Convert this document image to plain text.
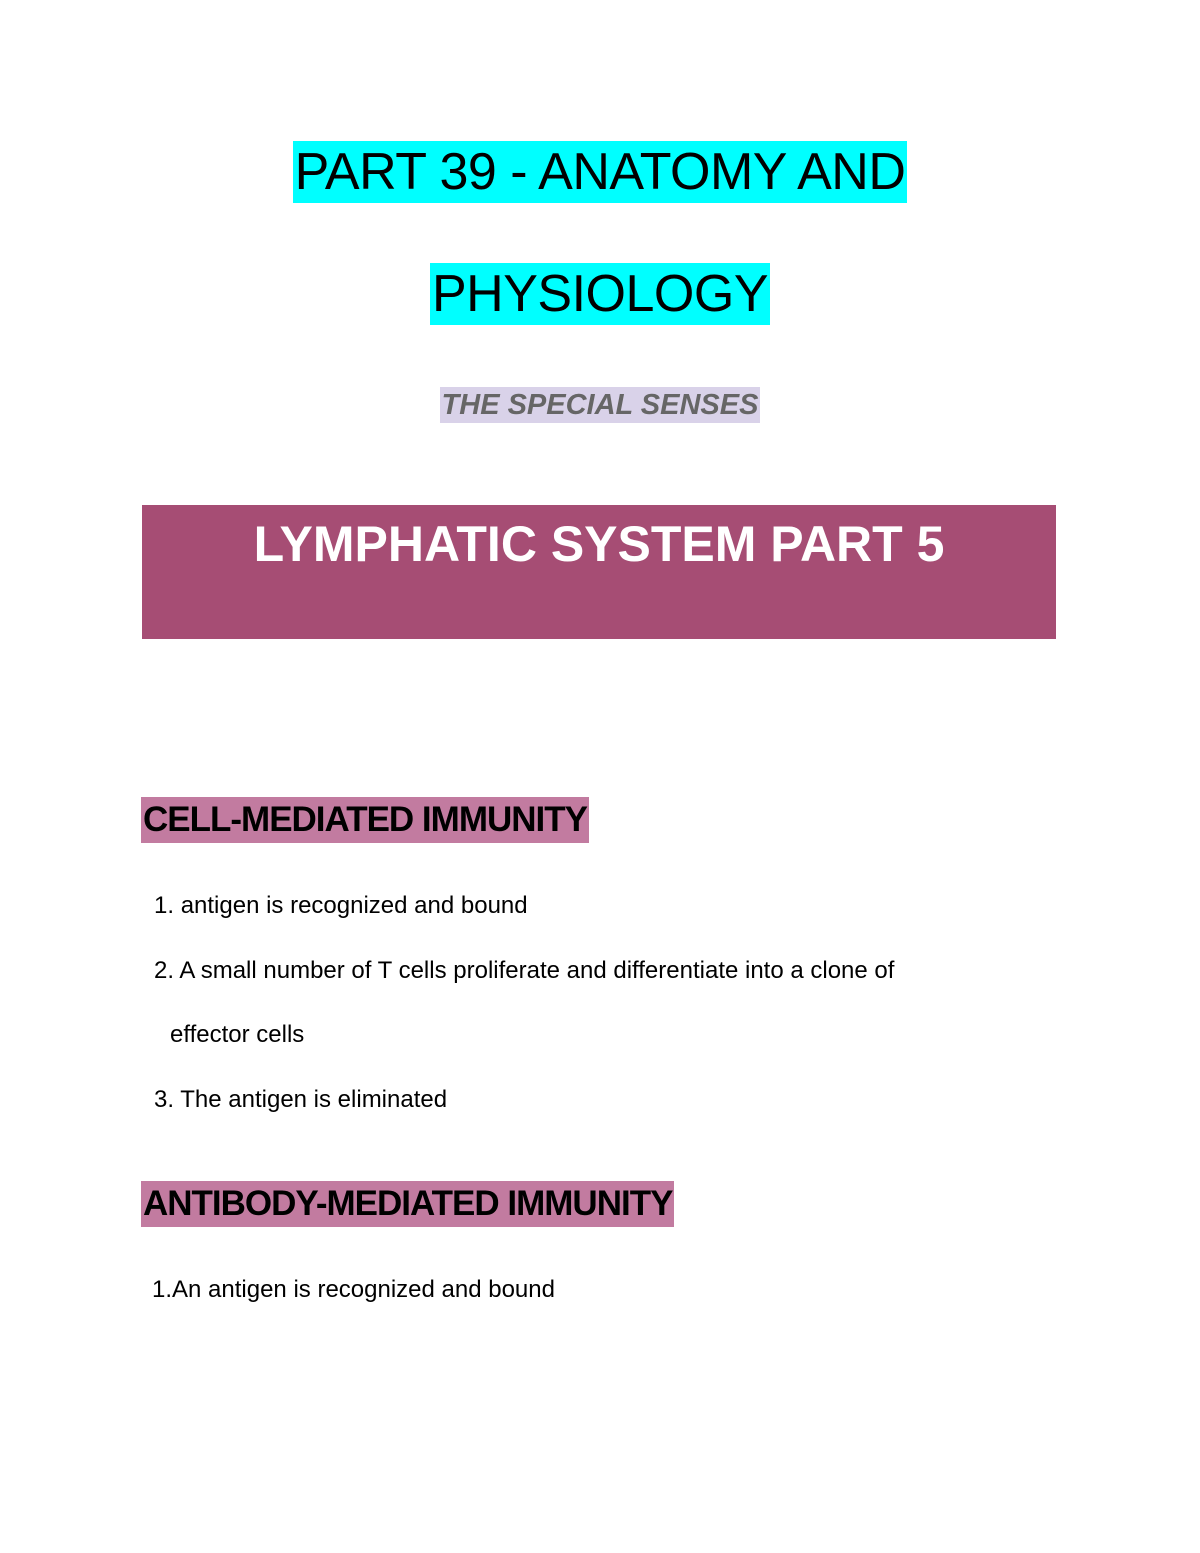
PART 39 - ANATOMY AND
PHYSIOLOGY
THE SPECIAL SENSES
LYMPHATIC SYSTEM PART 5
CELL-MEDIATED IMMUNITY
1. antigen is recognized and bound
2. A small number of T cells proliferate and differentiate into a clone of
effector cells
3. The antigen is eliminated
ANTIBODY-MEDIATED IMMUNITY
1.An antigen is recognized and bound
